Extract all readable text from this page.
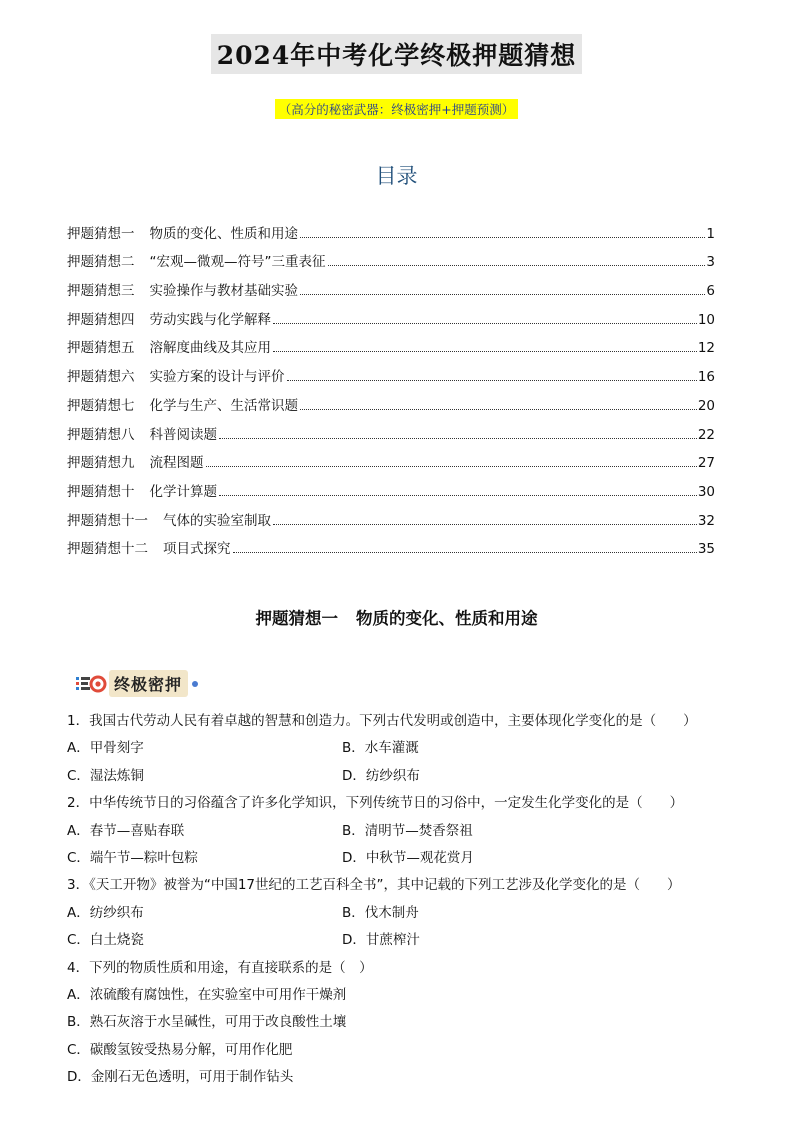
2024年中考化学终极押题猜想
（高分的秘密武器：终极密押+押题预测）
目录
押题猜想一 物质的变化、性质和用途	1
押题猜想二 “宏观—微观—符号”三重表征	3
押题猜想三 实验操作与教材基础实验	6
押题猜想四 劳动实践与化学解释	10
押题猜想五 溶解度曲线及其应用	12
押题猜想六 实验方案的设计与评价	16
押题猜想七 化学与生产、生活常识题	20
押题猜想八 科普阅读题	22
押题猜想九 流程图题	27
押题猜想十 化学计算题	30
押题猜想十一 气体的实验室制取	32
押题猜想十二 项目式探究	35
押题猜想一 物质的变化、性质和用途
终极密押
1．我国古代劳动人民有着卓越的智慧和创造力。下列古代发明或创造中，主要体现化学变化的是（　　）
A．甲骨刻字	B．水车灌溉
C．湿法炼铜	D．纺纱织布
2．中华传统节日的习俗蕴含了许多化学知识，下列传统节日的习俗中，一定发生化学变化的是（　　）
A．春节—喜贴春联	B．清明节—焚香祭祖
C．端午节—粽叶包粽	D．中秋节—观花赏月
3．《天工开物》被誉为“中国17世纪的工艺百科全书”，其中记载的下列工艺涉及化学变化的是（　　）
A．纺纱织布	B．伐木制舟
C．白土烧瓷	D．甘蔗榨汁
4．下列的物质性质和用途，有直接联系的是（　）
A．浓硫酸有腐蚀性，在实验室中可用作干燥剂
B．熟石灰溶于水呈碱性，可用于改良酸性土壤
C．碳酸氢铵受热易分解，可用作化肥
D．金刚石无色透明，可用于制作钻头
